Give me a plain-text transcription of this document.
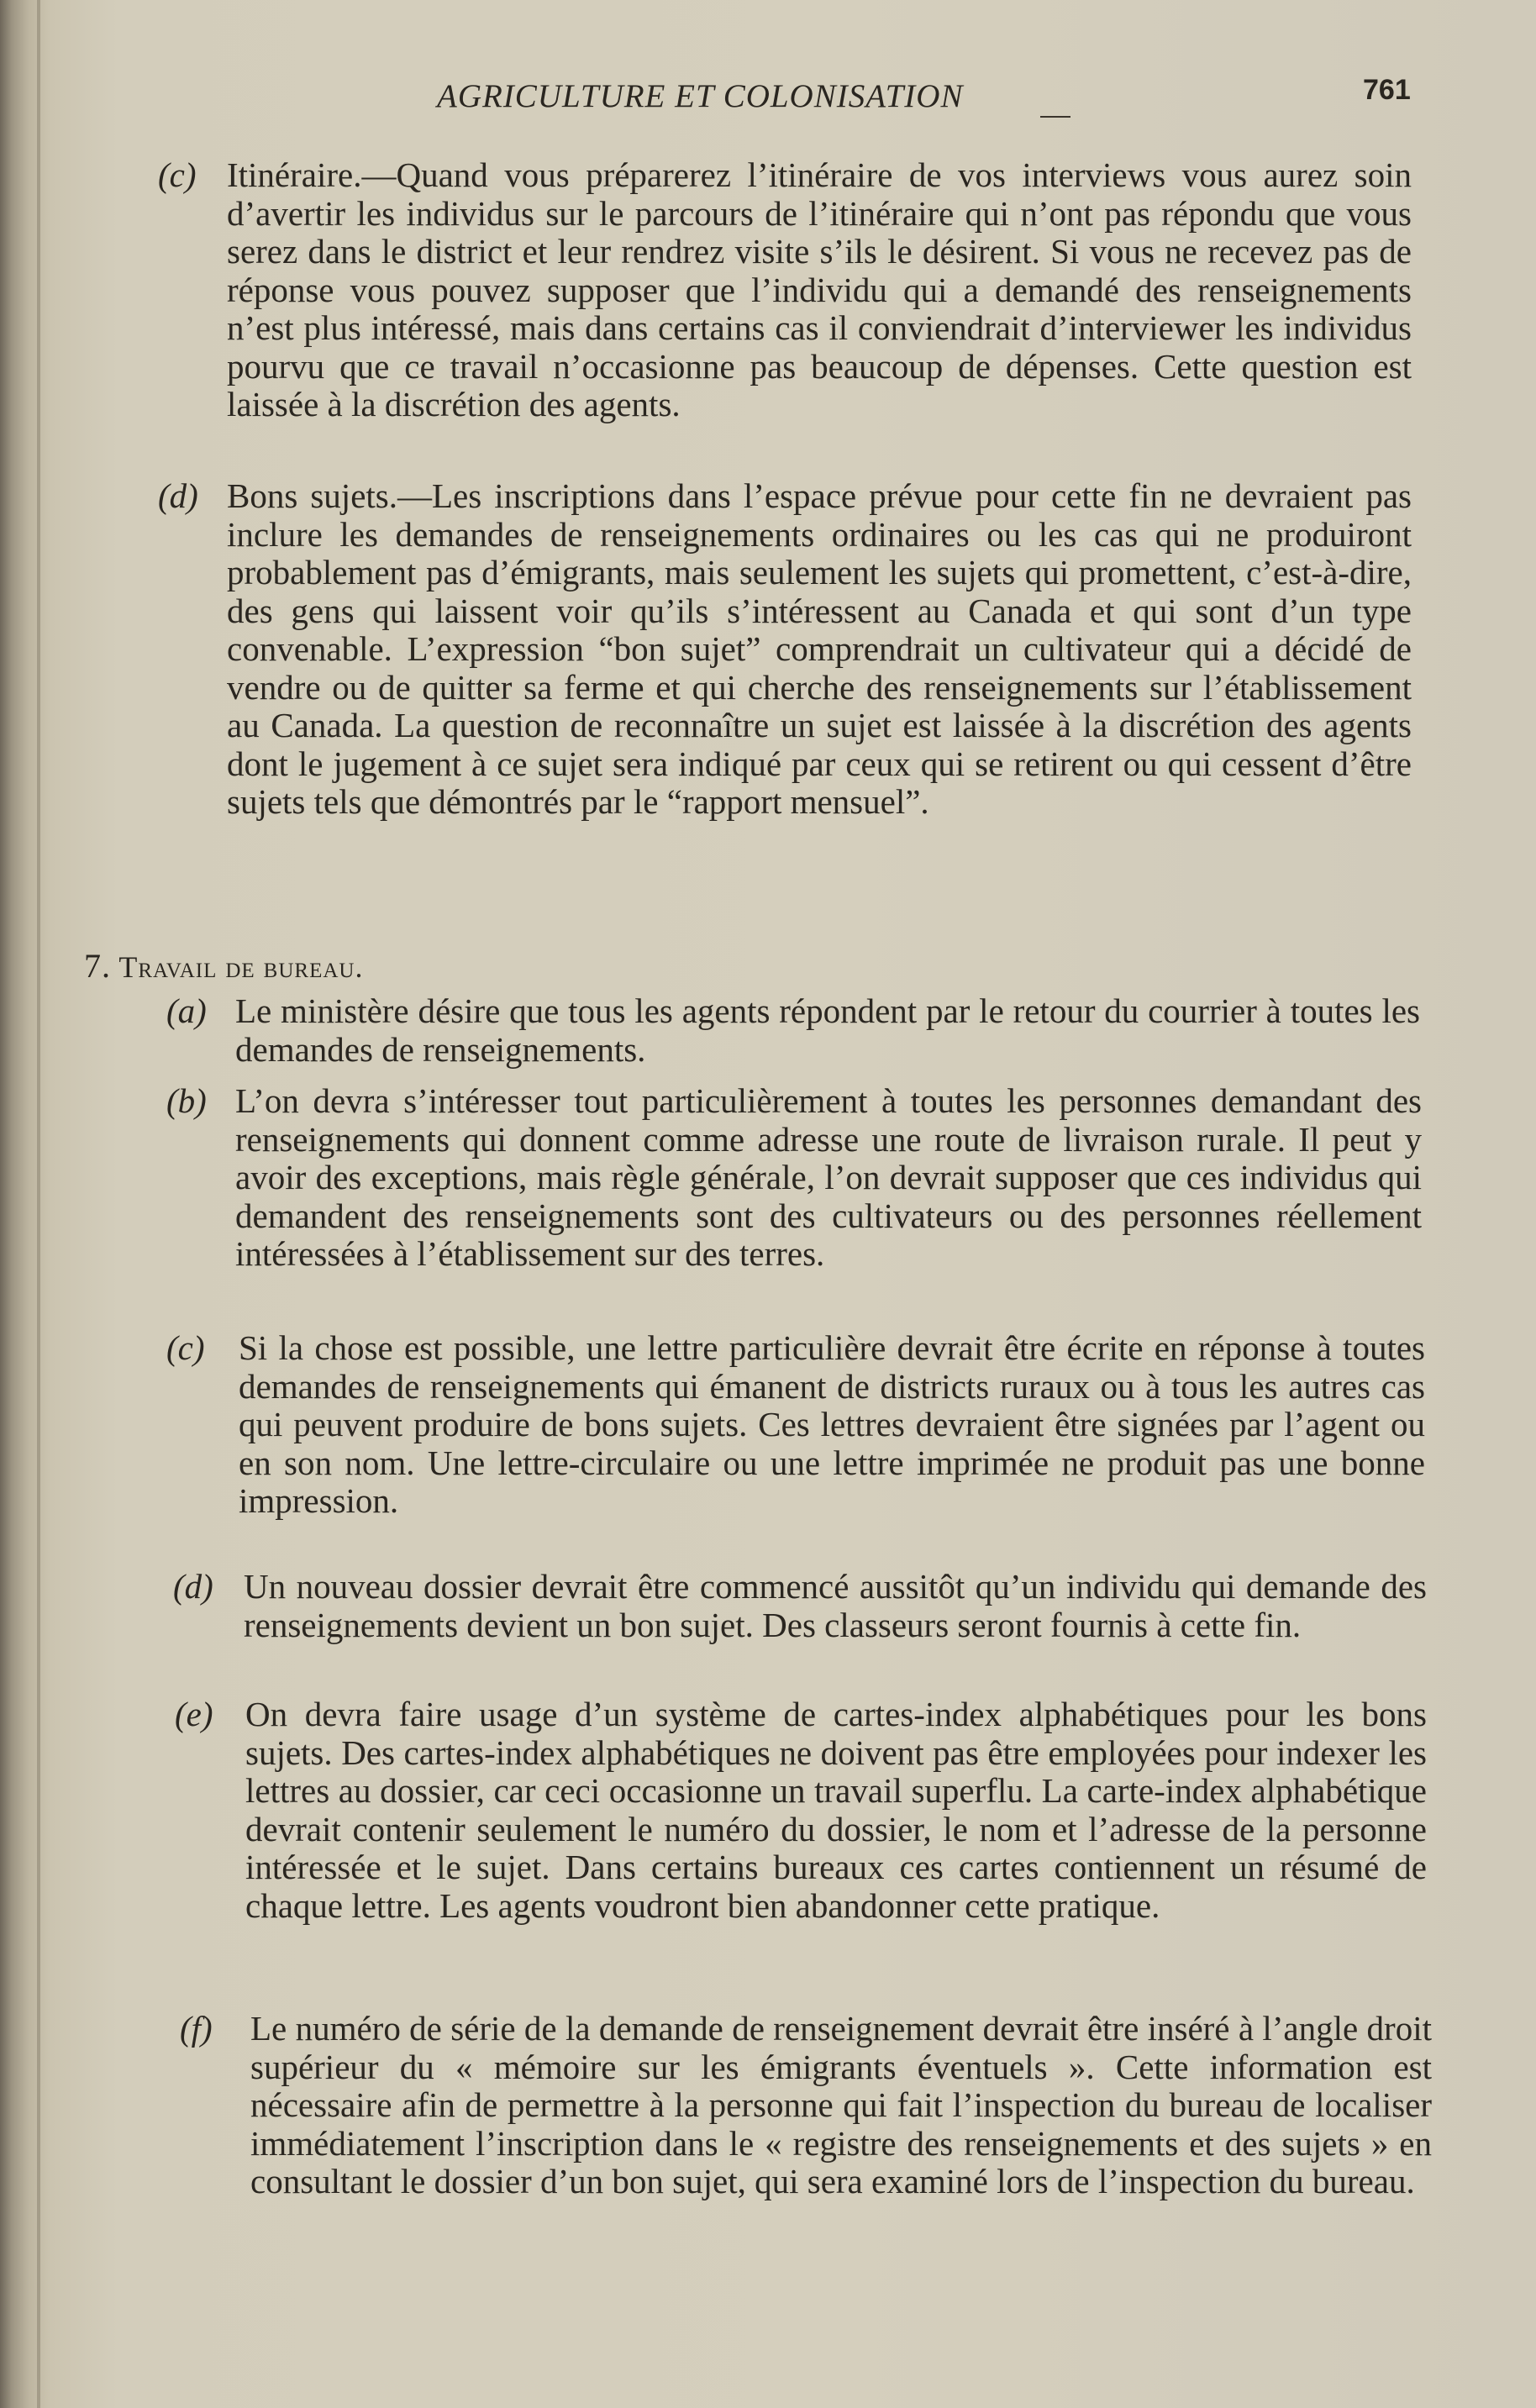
AGRICULTURE ET COLONISATION	761
(c) Itinéraire.—Quand vous préparerez l’itinéraire de vos interviews vous aurez soin d’avertir les individus sur le parcours de l’itinéraire qui n’ont pas répondu que vous serez dans le district et leur rendrez visite s’ils le désirent. Si vous ne recevez pas de réponse vous pouvez supposer que l’individu qui a demandé des renseignements n’est plus intéressé, mais dans certains cas il conviendrait d’interviewer les individus pourvu que ce travail n’occasionne pas beaucoup de dépenses. Cette question est laissée à la discrétion des agents.
(d) Bons sujets.—Les inscriptions dans l’espace prévue pour cette fin ne devraient pas inclure les demandes de renseignements ordinaires ou les cas qui ne produiront probablement pas d’émigrants, mais seulement les sujets qui promettent, c’est-à-dire, des gens qui laissent voir qu’ils s’intéressent au Canada et qui sont d’un type convenable. L’expression “bon sujet” comprendrait un cultivateur qui a décidé de vendre ou de quitter sa ferme et qui cherche des renseignements sur l’établissement au Canada. La question de reconnaître un sujet est laissée à la discrétion des agents dont le jugement à ce sujet sera indiqué par ceux qui se retirent ou qui cessent d’être sujets tels que démontrés par le “rapport mensuel”.
7. Travail de bureau.
(a) Le ministère désire que tous les agents répondent par le retour du courrier à toutes les demandes de renseignements.
(b) L’on devra s’intéresser tout particulièrement à toutes les personnes demandant des renseignements qui donnent comme adresse une route de livraison rurale. Il peut y avoir des exceptions, mais règle générale, l’on devrait supposer que ces individus qui demandent des renseignements sont des cultivateurs ou des personnes réellement intéressées à l’établissement sur des terres.
(c) Si la chose est possible, une lettre particulière devrait être écrite en réponse à toutes demandes de renseignements qui émanent de districts ruraux ou à tous les autres cas qui peuvent produire de bons sujets. Ces lettres devraient être signées par l’agent ou en son nom. Une lettre-circulaire ou une lettre imprimée ne produit pas une bonne impression.
(d) Un nouveau dossier devrait être commencé aussitôt qu’un individu qui demande des renseignements devient un bon sujet. Des classeurs seront fournis à cette fin.
(e) On devra faire usage d’un système de cartes-index alphabétiques pour les bons sujets. Des cartes-index alphabétiques ne doivent pas être employées pour indexer les lettres au dossier, car ceci occasionne un travail superflu. La carte-index alphabétique devrait contenir seulement le numéro du dossier, le nom et l’adresse de la personne intéressée et le sujet. Dans certains bureaux ces cartes contiennent un résumé de chaque lettre. Les agents voudront bien abandonner cette pratique.
(f) Le numéro de série de la demande de renseignement devrait être inséré à l’angle droit supérieur du « mémoire sur les émigrants éventuels ». Cette information est nécessaire afin de permettre à la personne qui fait l’inspection du bureau de localiser immédiatement l’inscription dans le « registre des renseignements et des sujets » en consultant le dossier d’un bon sujet, qui sera examiné lors de l’inspection du bureau.
